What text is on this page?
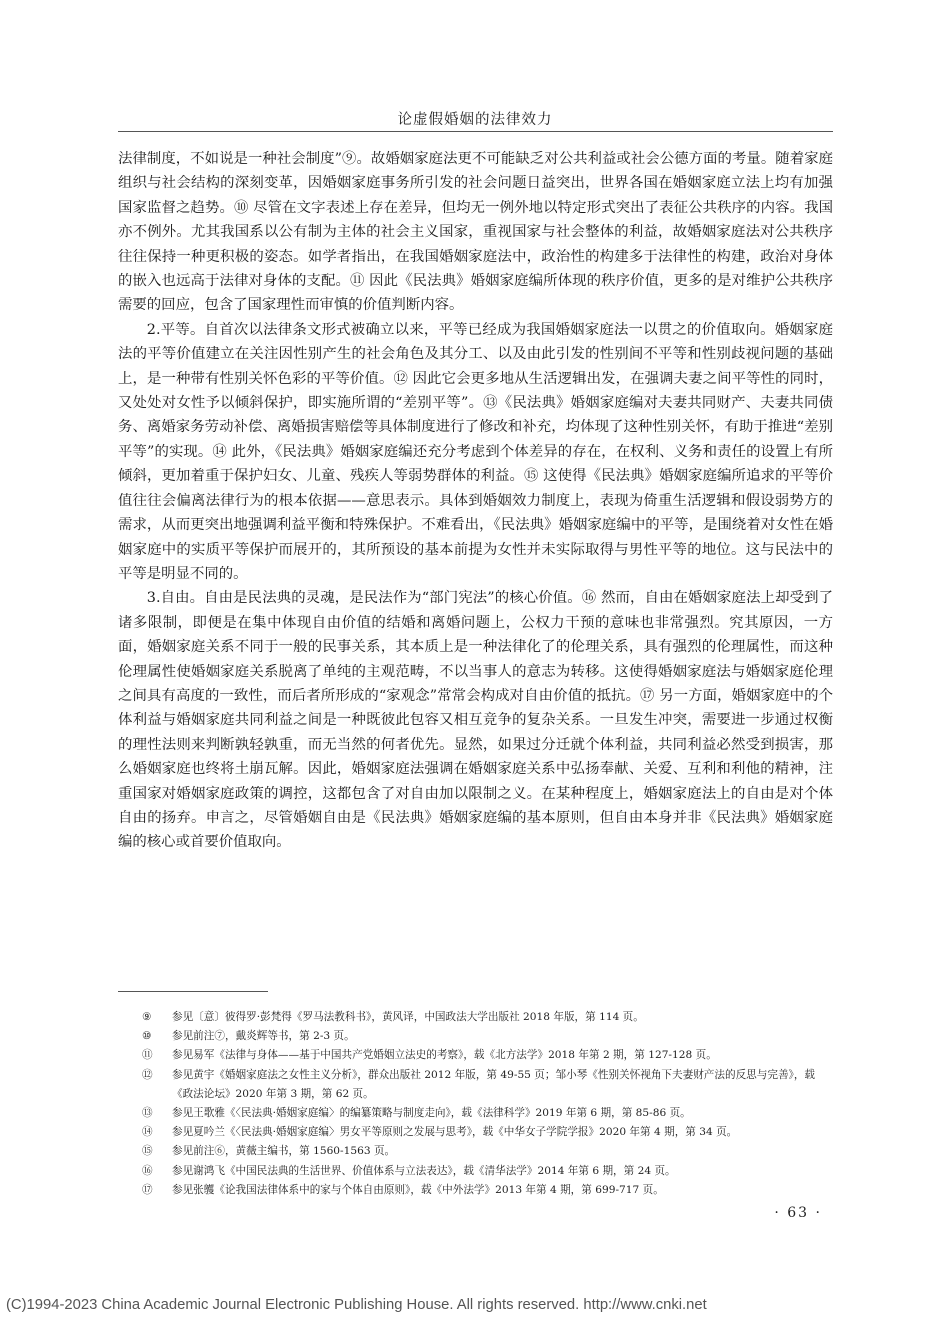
论虚假婚姻的法律效力

法律制度，不如说是一种社会制度”⑨。故婚姻家庭法更不可能缺乏对公共利益或社会公德方面的考量。随着家庭组织与社会结构的深刻变革，因婚姻家庭事务所引发的社会问题日益突出，世界各国在婚姻家庭立法上均有加强国家监督之趋势。⑩ 尽管在文字表述上存在差异，但均无一例外地以特定形式突出了表征公共秩序的内容。我国亦不例外。尤其我国系以公有制为主体的社会主义国家，重视国家与社会整体的利益，故婚姻家庭法对公共秩序往往保持一种更积极的姿态。如学者指出，在我国婚姻家庭法中，政治性的构建多于法律性的构建，政治对身体的嵌入也远高于法律对身体的支配。⑪ 因此《民法典》婚姻家庭编所体现的秩序价值，更多的是对维护公共秩序需要的回应，包含了国家理性而审慎的价值判断内容。

2.平等。自首次以法律条文形式被确立以来，平等已经成为我国婚姻家庭法一以贯之的价值取向。婚姻家庭法的平等价值建立在关注因性别产生的社会角色及其分工、以及由此引发的性别间不平等和性别歧视问题的基础上，是一种带有性别关怀色彩的平等价值。⑫ 因此它会更多地从生活逻辑出发，在强调夫妻之间平等性的同时，又处处对女性予以倾斜保护，即实施所谓的“差别平等”。⑬《民法典》婚姻家庭编对夫妻共同财产、夫妻共同债务、离婚家务劳动补偿、离婚损害赔偿等具体制度进行了修改和补充，均体现了这种性别关怀，有助于推进“差别平等”的实现。⑭ 此外，《民法典》婚姻家庭编还充分考虑到个体差异的存在，在权利、义务和责任的设置上有所倾斜，更加着重于保护妇女、儿童、残疾人等弱势群体的利益。⑮ 这使得《民法典》婚姻家庭编所追求的平等价值往往会偏离法律行为的根本依据——意思表示。具体到婚姻效力制度上，表现为倚重生活逻辑和假设弱势方的需求，从而更突出地强调利益平衡和特殊保护。不难看出，《民法典》婚姻家庭编中的平等，是围绕着对女性在婚姻家庭中的实质平等保护而展开的，其所预设的基本前提为女性并未实际取得与男性平等的地位。这与民法中的平等是明显不同的。

3.自由。自由是民法典的灵魂，是民法作为“部门宪法”的核心价值。⑯ 然而，自由在婚姻家庭法上却受到了诸多限制，即便是在集中体现自由价值的结婚和离婚问题上，公权力干预的意味也非常强烈。究其原因，一方面，婚姻家庭关系不同于一般的民事关系，其本质上是一种法律化了的伦理关系，具有强烈的伦理属性，而这种伦理属性使婚姻家庭关系脱离了单纯的主观范畴，不以当事人的意志为转移。这使得婚姻家庭法与婚姻家庭伦理之间具有高度的一致性，而后者所形成的“家观念”常常会构成对自由价值的抵抗。⑰ 另一方面，婚姻家庭中的个体利益与婚姻家庭共同利益之间是一种既彼此包容又相互竞争的复杂关系。一旦发生冲突，需要进一步通过权衡的理性法则来判断孰轻孰重，而无当然的何者优先。显然，如果过分迁就个体利益，共同利益必然受到损害，那么婚姻家庭也终将土崩瓦解。因此，婚姻家庭法强调在婚姻家庭关系中弘扬奉献、关爱、互利和利他的精神，注重国家对婚姻家庭政策的调控，这都包含了对自由加以限制之义。在某种程度上，婚姻家庭法上的自由是对个体自由的扬弃。申言之，尽管婚姻自由是《民法典》婚姻家庭编的基本原则，但自由本身并非《民法典》婚姻家庭编的核心或首要价值取向。

⑨	参见〔意〕彼得罗·彭梵得《罗马法教科书》，黄风译，中国政法大学出版社 2018 年版，第 114 页。
⑩	参见前注⑦，戴炎辉等书，第 2-3 页。
⑪	参见易军《法律与身体——基于中国共产党婚姻立法史的考察》，载《北方法学》2018 年第 2 期，第 127-128 页。
⑫	参见黄宇《婚姻家庭法之女性主义分析》，群众出版社 2012 年版，第 49-55 页；邹小琴《性别关怀视角下夫妻财产法的反思与完善》，载《政法论坛》2020 年第 3 期，第 62 页。
⑬	参见王歌雅《〈民法典·婚姻家庭编〉的编纂策略与制度走向》，载《法律科学》2019 年第 6 期，第 85-86 页。
⑭	参见夏吟兰《〈民法典·婚姻家庭编〉男女平等原则之发展与思考》，载《中华女子学院学报》2020 年第 4 期，第 34 页。
⑮	参见前注⑥，黄薇主编书，第 1560-1563 页。
⑯	参见谢鸿飞《中国民法典的生活世界、价值体系与立法表达》，载《清华法学》2014 年第 6 期，第 24 页。
⑰	参见张鹱《论我国法律体系中的家与个体自由原则》，载《中外法学》2013 年第 4 期，第 699-717 页。
· 63 ·
(C)1994-2023 China Academic Journal Electronic Publishing House. All rights reserved. http://www.cnki.net
